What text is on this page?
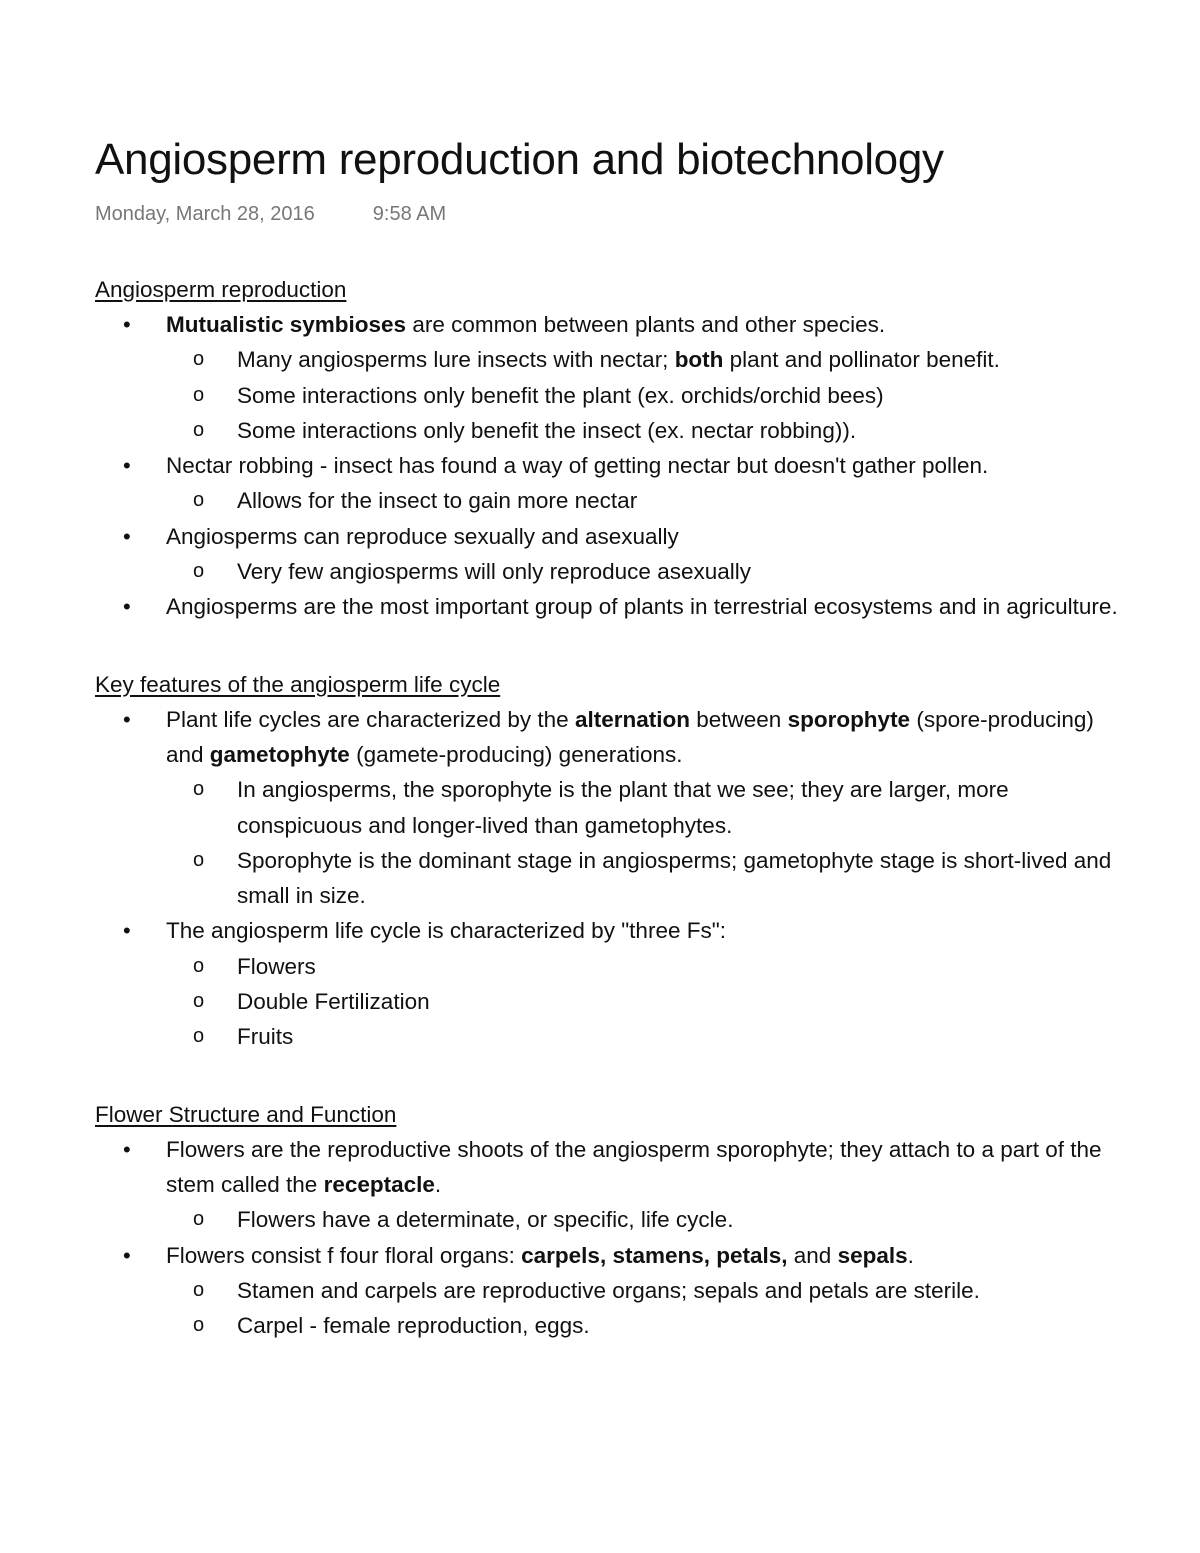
Angiosperm reproduction and biotechnology
Monday, March 28, 2016	9:58 AM
Angiosperm reproduction
• Mutualistic symbioses are common between plants and other species.
o Many angiosperms lure insects with nectar; both plant and pollinator benefit.
o Some interactions only benefit the plant (ex. orchids/orchid bees)
o Some interactions only benefit the insect (ex. nectar robbing)).
• Nectar robbing - insect has found a way of getting nectar but doesn't gather pollen.
o Allows for the insect to gain more nectar
• Angiosperms can reproduce sexually and asexually
o Very few angiosperms will only reproduce asexually
• Angiosperms are the most important group of plants in terrestrial ecosystems and in agriculture.
Key features of the angiosperm life cycle
• Plant life cycles are characterized by the alternation between sporophyte (spore-producing) and gametophyte (gamete-producing) generations.
o In angiosperms, the sporophyte is the plant that we see; they are larger, more conspicuous and longer-lived than gametophytes.
o Sporophyte is the dominant stage in angiosperms; gametophyte stage is short-lived and small in size.
• The angiosperm life cycle is characterized by "three Fs":
o Flowers
o Double Fertilization
o Fruits
Flower Structure and Function
• Flowers are the reproductive shoots of the angiosperm sporophyte; they attach to a part of the stem called the receptacle.
o Flowers have a determinate, or specific, life cycle.
• Flowers consist f four floral organs: carpels, stamens, petals, and sepals.
o Stamen and carpels are reproductive organs; sepals and petals are sterile.
o Carpel - female reproduction, eggs.
